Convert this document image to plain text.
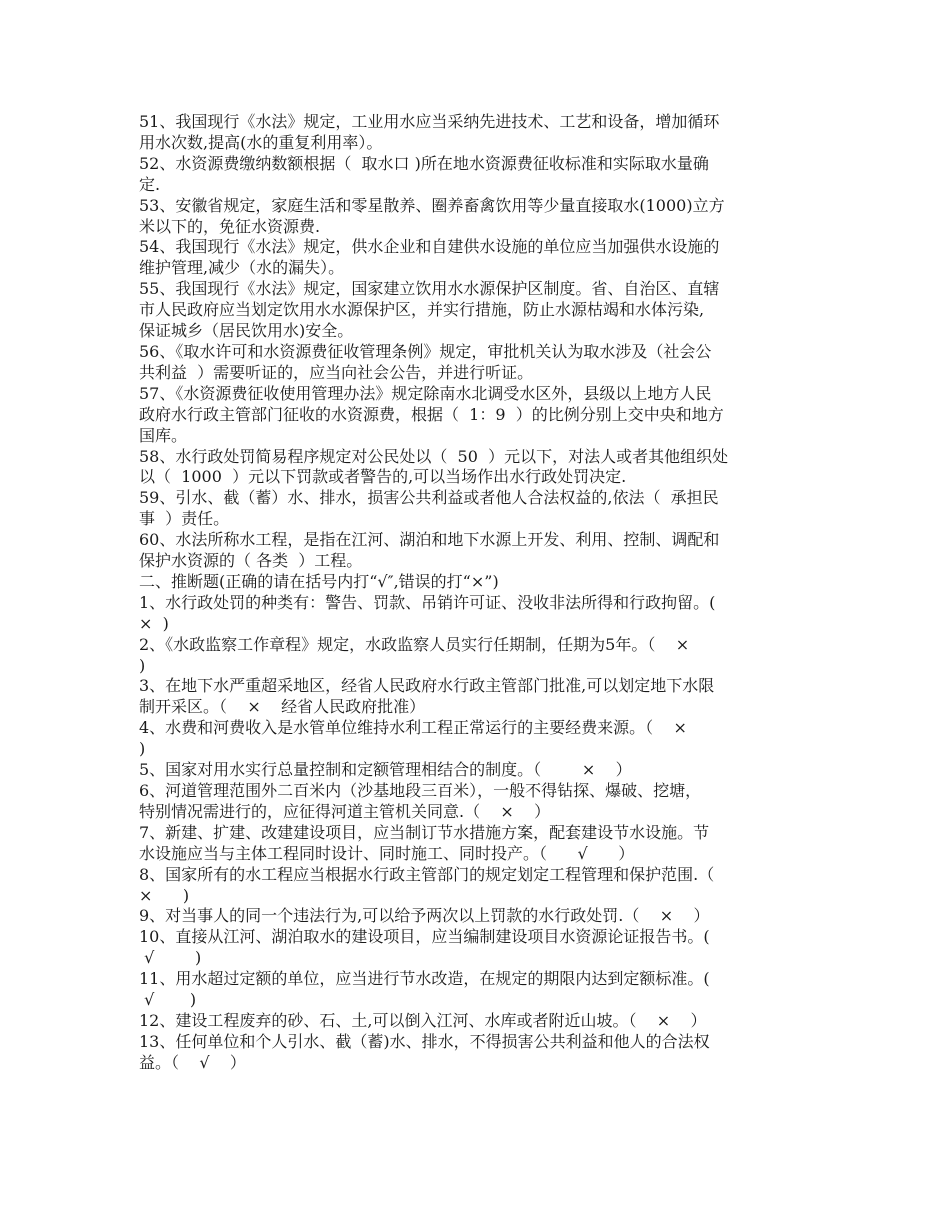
51、我国现行《水法》规定，工业用水应当采纳先进技术、工艺和设备，增加循环
用水次数,提高(水的重复利用率）。
52、水资源费缴纳数额根据（  取水口 )所在地水资源费征收标准和实际取水量确
定.
53、安徽省规定，家庭生活和零星散养、圈养畜禽饮用等少量直接取水(1000)立方
米以下的，免征水资源费.
54、我国现行《水法》规定，供水企业和自建供水设施的单位应当加强供水设施的
维护管理,减少（水的漏失）。
55、我国现行《水法》规定，国家建立饮用水水源保护区制度。省、自治区、直辖
市人民政府应当划定饮用水水源保护区，并实行措施，防止水源枯竭和水体污染,
保证城乡（居民饮用水)安全。
56、《取水许可和水资源费征收管理条例》规定，审批机关认为取水涉及（社会公
共利益  ）需要听证的，应当向社会公告，并进行听证。
57、《水资源费征收使用管理办法》规定除南水北调受水区外，县级以上地方人民
政府水行政主管部门征收的水资源费，根据（  1：9  ）的比例分别上交中央和地方
国库。
58、水行政处罚简易程序规定对公民处以（  50  ）元以下，对法人或者其他组织处
以（  1000  ）元以下罚款或者警告的,可以当场作出水行政处罚决定.
59、引水、截（蓄）水、排水，损害公共利益或者他人合法权益的,依法（  承担民
事  ）责任。
60、水法所称水工程，是指在江河、湖泊和地下水源上开发、利用、控制、调配和
保护水资源的（ 各类  ）工程。
二、推断题(正确的请在括号内打“√″,错误的打“×”)
1、水行政处罚的种类有：警告、罚款、吊销许可证、没收非法所得和行政拘留。(
×  )
2、《水政监察工作章程》规定，水政监察人员实行任期制，任期为5年。（    ×
)
3、在地下水严重超采地区，经省人民政府水行政主管部门批准,可以划定地下水限
制开采区。（    ×    经省人民政府批准）
4、水费和河费收入是水管单位维持水利工程正常运行的主要经费来源。（    ×
)
5、国家对用水实行总量控制和定额管理相结合的制度。（        ×    ）
6、河道管理范围外二百米内（沙基地段三百米），一般不得钻探、爆破、挖塘，
特别情况需进行的，应征得河道主管机关同意.（    ×    ）
7、新建、扩建、改建建设项目，应当制订节水措施方案，配套建设节水设施。节
水设施应当与主体工程同时设计、同时施工、同时投产。（      √      ）
8、国家所有的水工程应当根据水行政主管部门的规定划定工程管理和保护范围.（
×      )
9、对当事人的同一个违法行为,可以给予两次以上罚款的水行政处罚.（    ×    ）
10、直接从江河、湖泊取水的建设项目，应当编制建设项目水资源论证报告书。(
√        )
11、用水超过定额的单位，应当进行节水改造，在规定的期限内达到定额标准。(
√       )
12、建设工程废弃的砂、石、土,可以倒入江河、水库或者附近山坡。（    ×    ）
13、任何单位和个人引水、截（蓄)水、排水，不得损害公共利益和他人的合法权
益。（    √    ）
